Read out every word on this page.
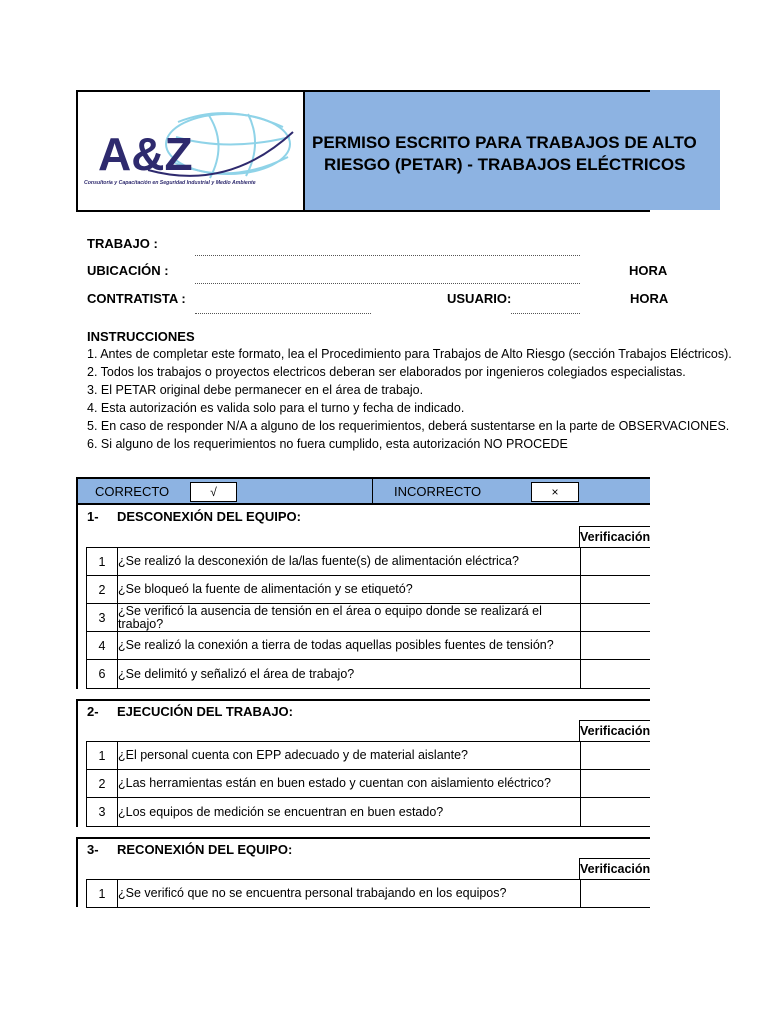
A&Z
Consultoría y Capacitación en Seguridad Industrial y Medio Ambiente
PERMISO ESCRITO PARA TRABAJOS DE ALTO
RIESGO (PETAR) - TRABAJOS ELÉCTRICOS
TRABAJO :
UBICACIÓN :	HORA
CONTRATISTA :	USUARIO:	HORA
INSTRUCCIONES
1. Antes de completar este formato, lea el Procedimiento para Trabajos de Alto Riesgo (sección Trabajos Eléctricos).
2. Todos los trabajos o proyectos electricos deberan ser elaborados por ingenieros colegiados especialistas.
3. El PETAR original debe permanecer en el área de trabajo.
4. Esta autorización es valida solo para el turno y fecha de indicado.
5. En caso de responder N/A a alguno de los requerimientos, deberá sustentarse en la parte de OBSERVACIONES.
6. Si alguno de los requerimientos no fuera cumplido, esta autorización NO PROCEDE
CORRECTO	√	INCORRECTO	×
1- DESCONEXIÓN DEL EQUIPO:
Verificación
1	¿Se realizó la desconexión de la/las fuente(s) de alimentación eléctrica?
2	¿Se bloqueó la fuente de alimentación y se etiquetó?
3	¿Se verificó la ausencia de tensión en el área o equipo donde se realizará el trabajo?
4	¿Se realizó la conexión a tierra de todas aquellas posibles fuentes de tensión?
6	¿Se delimitó y señalizó el área de trabajo?
2- EJECUCIÓN DEL TRABAJO:
Verificación
1	¿El personal cuenta con EPP adecuado y de material aislante?
2	¿Las herramientas están en buen estado y cuentan con aislamiento eléctrico?
3	¿Los equipos de medición se encuentran en buen estado?
3- RECONEXIÓN DEL EQUIPO:
Verificación
1	¿Se verificó que no se encuentra personal trabajando en los equipos?
